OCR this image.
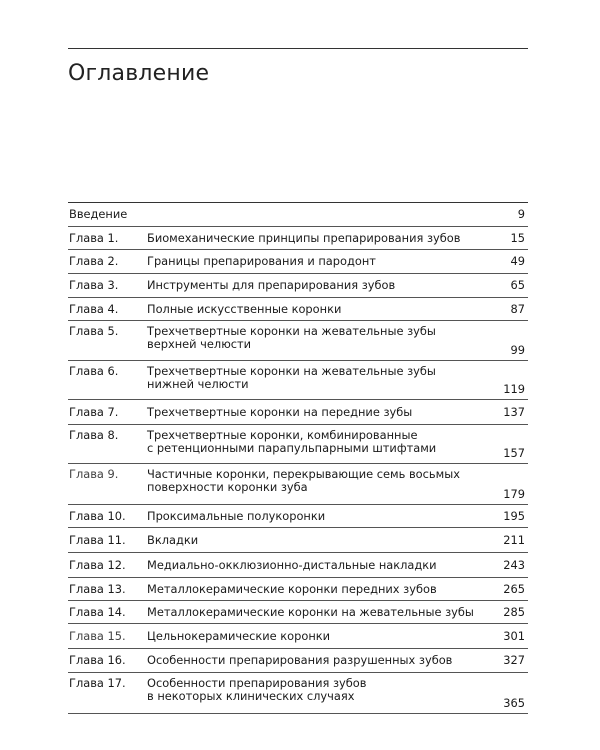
Оглавление
Введение	9
Глава 1.	Биомеханические принципы препарирования зубов	15
Глава 2.	Границы препарирования и пародонт	49
Глава 3.	Инструменты для препарирования зубов	65
Глава 4.	Полные искусственные коронки	87
Глава 5.	Трехчетвертные коронки на жевательные зубы
верхней челюсти	99
Глава 6.	Трехчетвертные коронки на жевательные зубы
нижней челюсти	119
Глава 7.	Трехчетвертные коронки на передние зубы	137
Глава 8.	Трехчетвертные коронки, комбинированные
с ретенционными парапульпарными штифтами	157
Глава 9.	Частичные коронки, перекрывающие семь восьмых
поверхности коронки зуба	179
Глава 10. Проксимальные полукоронки	195
Глава 11. Вкладки	211
Глава 12. Медиально-окклюзионно-дистальные накладки	243
Глава 13. Металлокерамические коронки передних зубов	265
Глава 14. Металлокерамические коронки на жевательные зубы	285
Глава 15. Цельнокерамические коронки	301
Глава 16. Особенности препарирования разрушенных зубов	327
Глава 17. Особенности препарирования зубов
в некоторых клинических случаях	365
